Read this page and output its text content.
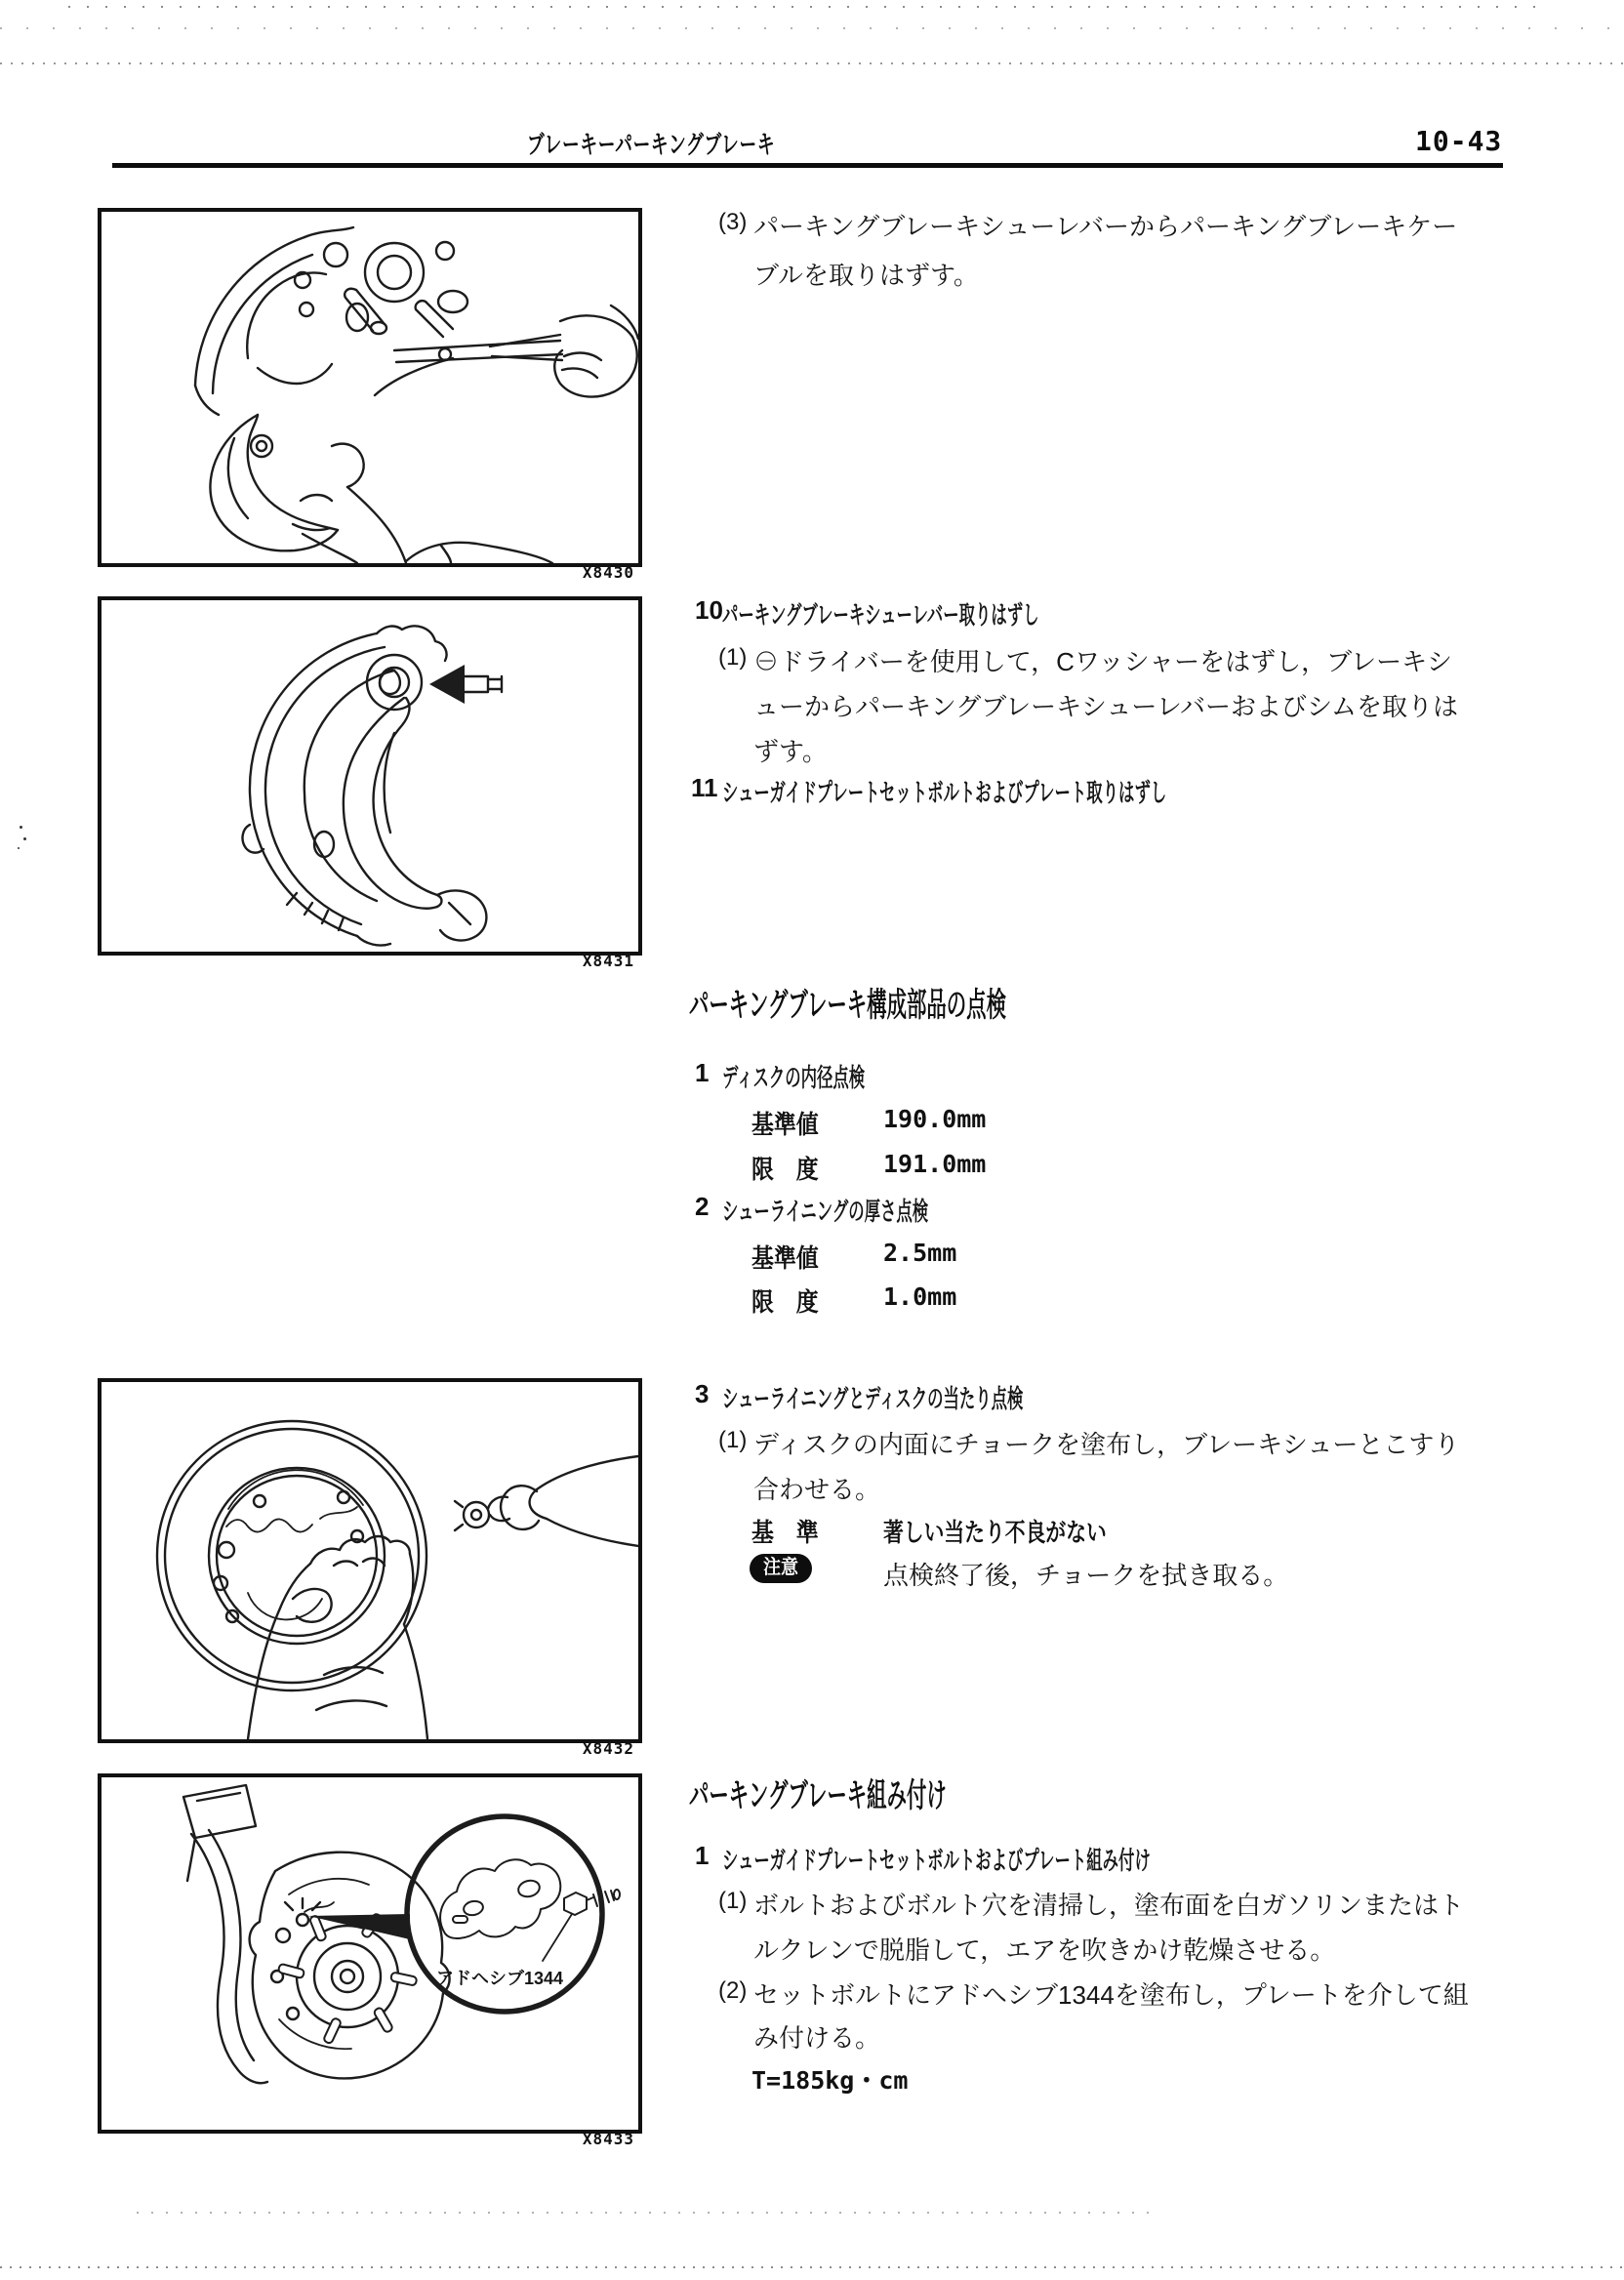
ブレーキーパーキングブレーキ	10-43
X8430
X8431
X8432
アドヘシブ1344
X8433
(3) パーキングブレーキシューレバーからパーキングブレーキケー
ブルを取りはずす。
10 パーキングブレーキシューレバー取りはずし
(1) ⊖ドライバーを使用して，Cワッシャーをはずし，ブレーキシ
ューからパーキングブレーキシューレバーおよびシムを取りは
ずす。
11 シューガイドプレートセットボルトおよびプレート取りはずし
パーキングブレーキ構成部品の点検
1 ディスクの内径点検
基準値	190.0mm
限　度	191.0mm
2 シューライニングの厚さ点検
基準値	2.5mm
限　度	1.0mm
3 シューライニングとディスクの当たり点検
(1) ディスクの内面にチョークを塗布し，ブレーキシューとこすり
合わせる。
基　準	著しい当たり不良がない
注意	点検終了後，チョークを拭き取る。
パーキングブレーキ組み付け
1 シューガイドプレートセットボルトおよびプレート組み付け
(1) ボルトおよびボルト穴を清掃し，塗布面を白ガソリンまたはト
ルクレンで脱脂して，エアを吹きかけ乾燥させる。
(2) セットボルトにアドヘシブ1344を塗布し，プレートを介して組
み付ける。
T=185kg・cm
